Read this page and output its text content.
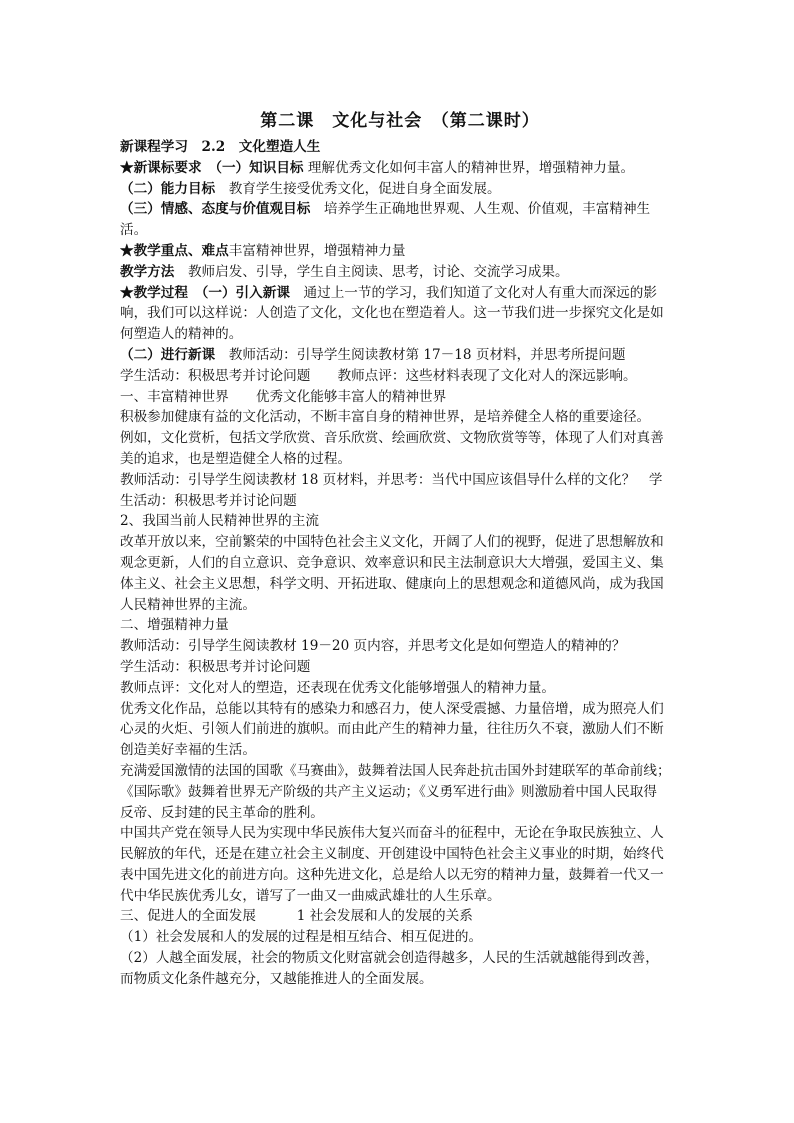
第二课　文化与社会　（第二课时）
新课程学习　2.2　文化塑造人生
★新课标要求　（一）知识目标 理解优秀文化如何丰富人的精神世界，增强精神力量。
（二）能力目标　教育学生接受优秀文化，促进自身全面发展。
（三）情感、态度与价值观目标　培养学生正确地世界观、人生观、价值观，丰富精神生
活。
★教学重点、难点丰富精神世界，增强精神力量
教学方法　教师启发、引导，学生自主阅读、思考，讨论、交流学习成果。
★教学过程　（一）引入新课　通过上一节的学习，我们知道了文化对人有重大而深远的影
响，我们可以这样说：人创造了文化，文化也在塑造着人。这一节我们进一步探究文化是如
何塑造人的精神的。
（二）进行新课　教师活动：引导学生阅读教材第 17－18 页材料，并思考所提问题
学生活动：积极思考并讨论问题　　教师点评：这些材料表现了文化对人的深远影响。
一、丰富精神世界　　优秀文化能够丰富人的精神世界
积极参加健康有益的文化活动，不断丰富自身的精神世界，是培养健全人格的重要途径。
例如，文化赏析，包括文学欣赏、音乐欣赏、绘画欣赏、文物欣赏等等，体现了人们对真善
美的追求，也是塑造健全人格的过程。
教师活动：引导学生阅读教材 18 页材料，并思考：当代中国应该倡导什么样的文化？　学
生活动：积极思考并讨论问题
2、我国当前人民精神世界的主流
改革开放以来，空前繁荣的中国特色社会主义文化，开阔了人们的视野，促进了思想解放和
观念更新，人们的自立意识、竞争意识、效率意识和民主法制意识大大增强，爱国主义、集
体主义、社会主义思想，科学文明、开拓进取、健康向上的思想观念和道德风尚，成为我国
人民精神世界的主流。
二、增强精神力量
教师活动：引导学生阅读教材 19－20 页内容，并思考文化是如何塑造人的精神的？
学生活动：积极思考并讨论问题
教师点评：文化对人的塑造，还表现在优秀文化能够增强人的精神力量。
优秀文化作品，总能以其特有的感染力和感召力，使人深受震撼、力量倍增，成为照亮人们
心灵的火炬、引领人们前进的旗帜。而由此产生的精神力量，往往历久不衰，激励人们不断
创造美好幸福的生活。
充满爱国激情的法国的国歌《马赛曲》，鼓舞着法国人民奔赴抗击国外封建联军的革命前线；
《国际歌》鼓舞着世界无产阶级的共产主义运动；《义勇军进行曲》则激励着中国人民取得
反帝、反封建的民主革命的胜利。
中国共产党在领导人民为实现中华民族伟大复兴而奋斗的征程中，无论在争取民族独立、人
民解放的年代，还是在建立社会主义制度、开创建设中国特色社会主义事业的时期，始终代
表中国先进文化的前进方向。这种先进文化，总是给人以无穷的精神力量，鼓舞着一代又一
代中华民族优秀儿女，谱写了一曲又一曲威武雄壮的人生乐章。
三、促进人的全面发展　　　1 社会发展和人的发展的关系
（1）社会发展和人的发展的过程是相互结合、相互促进的。
（2）人越全面发展，社会的物质文化财富就会创造得越多，人民的生活就越能得到改善，
而物质文化条件越充分，又越能推进人的全面发展。
